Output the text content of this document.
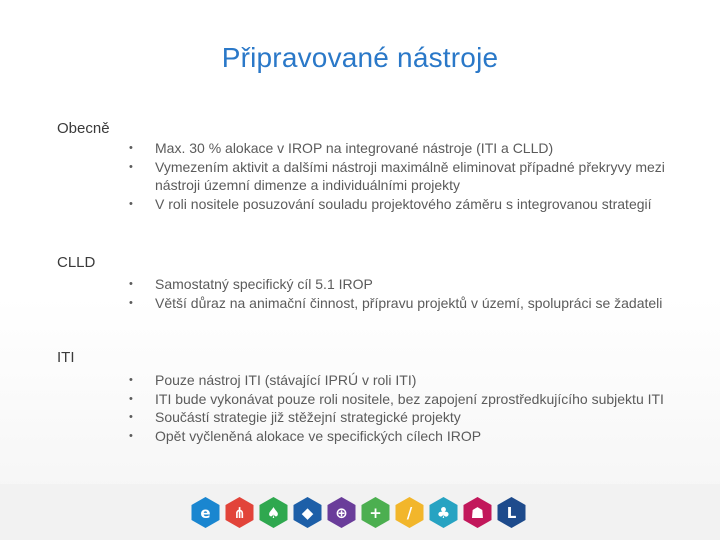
Připravované nástroje
Obecně
• Max. 30 % alokace v IROP na integrované nástroje (ITI a CLLD)
• Vymezením aktivit a dalšími nástroji maximálně eliminovat případné překryvy mezi nástroji územní dimenze a individuálními projekty
• V roli nositele posuzování souladu projektového záměru s integrovanou strategií
CLLD
• Samostatný specifický cíl 5.1 IROP
• Větší důraz na animační činnost, přípravu projektů v území, spolupráci se žadateli
ITI
• Pouze nástroj ITI (stávající IPRÚ v roli ITI)
• ITI bude vykonávat pouze roli nositele, bez zapojení zprostředkujícího subjektu ITI
• Součástí strategie již stěžejní strategické projekty
• Opět vyčleněná alokace ve specifických cílech IROP
e ⋔ ♠ ◆ ⊕ + / ♣ ☗ L
